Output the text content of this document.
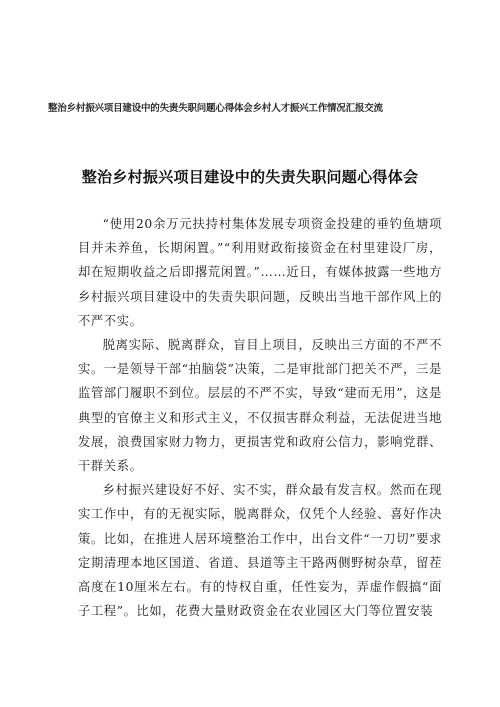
整治乡村振兴项目建设中的失责失职问题心得体会乡村人才振兴工作情况汇报交流
整治乡村振兴项目建设中的失责失职问题心得体会

“使用20余万元扶持村集体发展专项资金投建的垂钓鱼塘项目并未养鱼，长期闲置。”“利用财政衔接资金在村里建设厂房，却在短期收益之后即撂荒闲置。”……近日，有媒体披露一些地方乡村振兴项目建设中的失责失职问题，反映出当地干部作风上的不严不实。

脱离实际、脱离群众，盲目上项目，反映出三方面的不严不实。一是领导干部“拍脑袋”决策，二是审批部门把关不严，三是监管部门履职不到位。层层的不严不实，导致“建而无用”，这是典型的官僚主义和形式主义，不仅损害群众利益，无法促进当地发展，浪费国家财力物力，更损害党和政府公信力，影响党群、干群关系。

乡村振兴建设好不好、实不实，群众最有发言权。然而在现实工作中，有的无视实际，脱离群众，仅凭个人经验、喜好作决策。比如，在推进人居环境整治工作中，出台文件“一刀切”要求定期清理本地区国道、省道、县道等主干路两侧野树杂草，留茬高度在10厘米左右。有的恃权自重，任性妄为，弄虚作假搞“面子工程”。比如，花费大量财政资金在农业园区大门等位置安装
